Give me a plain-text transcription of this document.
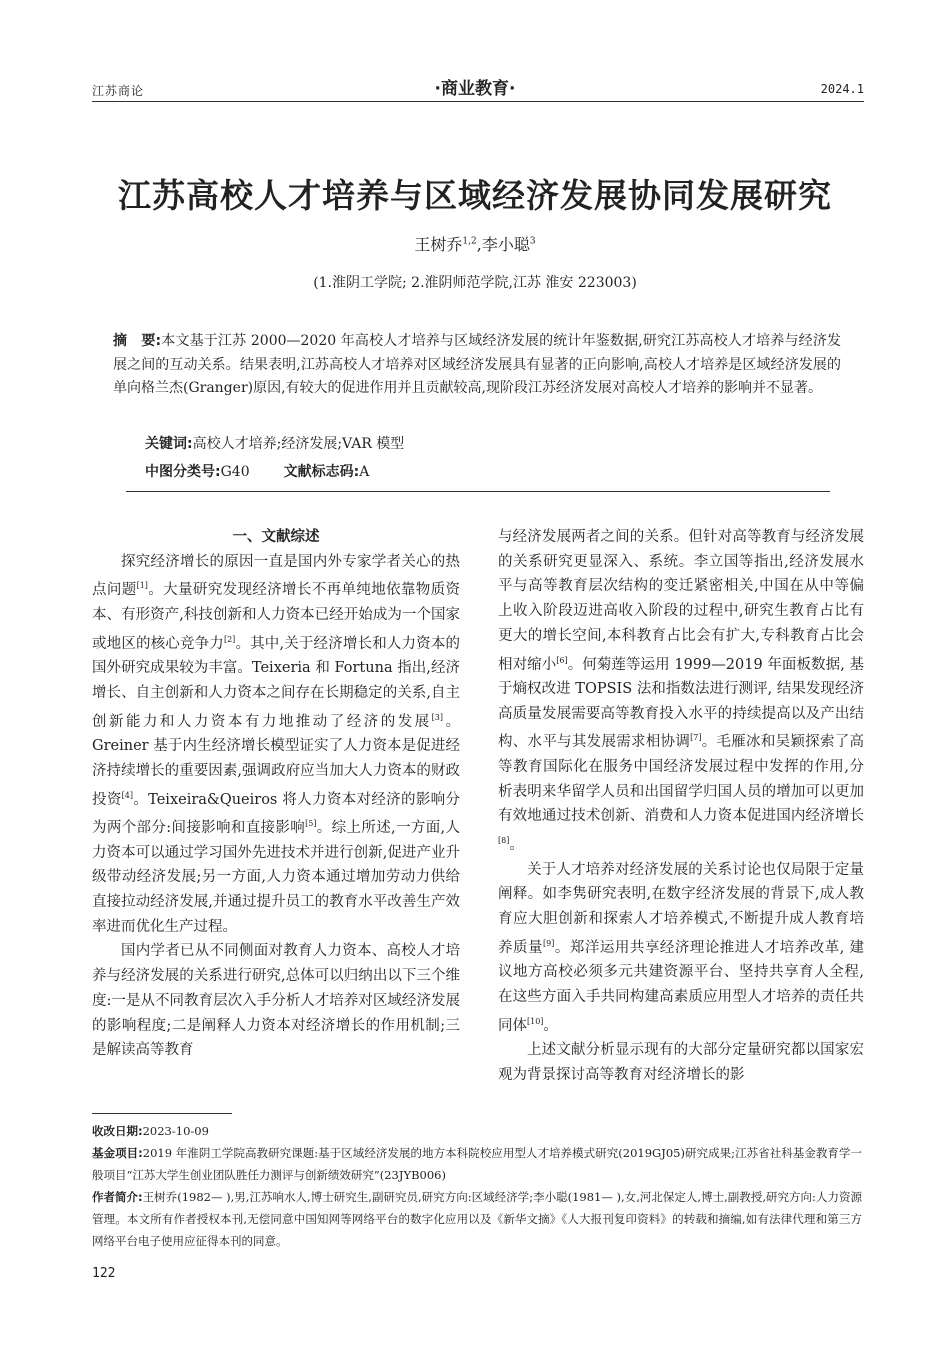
江苏商论	·商业教育·	2024.1
江苏高校人才培养与区域经济发展协同发展研究
王树乔$^{1,2}$,李小聪$^3$
(1.淮阴工学院; 2.淮阴师范学院,江苏 淮安 223003)
摘　要:本文基于江苏 2000—2020 年高校人才培养与区域经济发展的统计年鉴数据,研究江苏高校人才培养与经济发展之间的互动关系。结果表明,江苏高校人才培养对区域经济发展具有显著的正向影响,高校人才培养是区域经济发展的单向格兰杰(Granger)原因,有较大的促进作用并且贡献较高,现阶段江苏经济发展对高校人才培养的影响并不显著。
关键词:高校人才培养;经济发展;VAR 模型
中图分类号:G40 文献标志码:A

一、文献综述

探究经济增长的原因一直是国内外专家学者关心的热点问题[1]。大量研究发现经济增长不再单纯地依靠物质资本、有形资产,科技创新和人力资本已经开始成为一个国家或地区的核心竞争力[2]。其中,关于经济增长和人力资本的国外研究成果较为丰富。Teixeria 和 Fortuna 指出,经济增长、自主创新和人力资本之间存在长期稳定的关系,自主创新能力和人力资本有力地推动了经济的发展[3]。Greiner 基于内生经济增长模型证实了人力资本是促进经济持续增长的重要因素,强调政府应当加大人力资本的财政投资[4]。Teixeira&Queiros 将人力资本对经济的影响分为两个部分:间接影响和直接影响[5]。综上所述,一方面,人力资本可以通过学习国外先进技术并进行创新,促进产业升级带动经济发展;另一方面,人力资本通过增加劳动力供给直接拉动经济发展,并通过提升员工的教育水平改善生产效率进而优化生产过程。

国内学者已从不同侧面对教育人力资本、高校人才培养与经济发展的关系进行研究,总体可以归纳出以下三个维度:一是从不同教育层次入手分析人才培养对区域经济发展的影响程度;二是阐释人力资本对经济增长的作用机制;三是解读高等教育

与经济发展两者之间的关系。但针对高等教育与经济发展的关系研究更显深入、系统。李立国等指出,经济发展水平与高等教育层次结构的变迁紧密相关,中国在从中等偏上收入阶段迈进高收入阶段的过程中,研究生教育占比有更大的增长空间,本科教育占比会有扩大,专科教育占比会相对缩小[6]。何菊莲等运用 1999—2019 年面板数据, 基于熵权改进 TOPSIS 法和指数法进行测评, 结果发现经济高质量发展需要高等教育投入水平的持续提高以及产出结构、水平与其发展需求相协调[7]。毛雁冰和吴颖探索了高等教育国际化在服务中国经济发展过程中发挥的作用,分析表明来华留学人员和出国留学归国人员的增加可以更加有效地通过技术创新、消费和人力资本促进国内经济增长[8]。

关于人才培养对经济发展的关系讨论也仅局限于定量阐释。如李隽研究表明,在数字经济发展的背景下,成人教育应大胆创新和探索人才培养模式,不断提升成人教育培养质量[9]。郑洋运用共享经济理论推进人才培养改革, 建议地方高校必须多元共建资源平台、坚持共享育人全程,在这些方面入手共同构建高素质应用型人才培养的责任共同体[10]。

上述文献分析显示现有的大部分定量研究都以国家宏观为背景探讨高等教育对经济增长的影

收改日期:2023-10-09

基金项目:2019 年淮阴工学院高教研究课题:基于区域经济发展的地方本科院校应用型人才培养模式研究(2019GJ05)研究成果;江苏省社科基金教育学一般项目“江苏大学生创业团队胜任力测评与创新绩效研究”(23JYB006)

作者简介:王树乔(1982— ),男,江苏响水人,博士研究生,副研究员,研究方向:区域经济学;李小聪(1981— ),女,河北保定人,博士,副教授,研究方向:人力资源管理。本文所有作者授权本刊,无偿同意中国知网等网络平台的数字化应用以及《新华文摘》《人大报刊复印资料》的转载和摘编,如有法律代理和第三方网络平台电子使用应征得本刊的同意。

122
